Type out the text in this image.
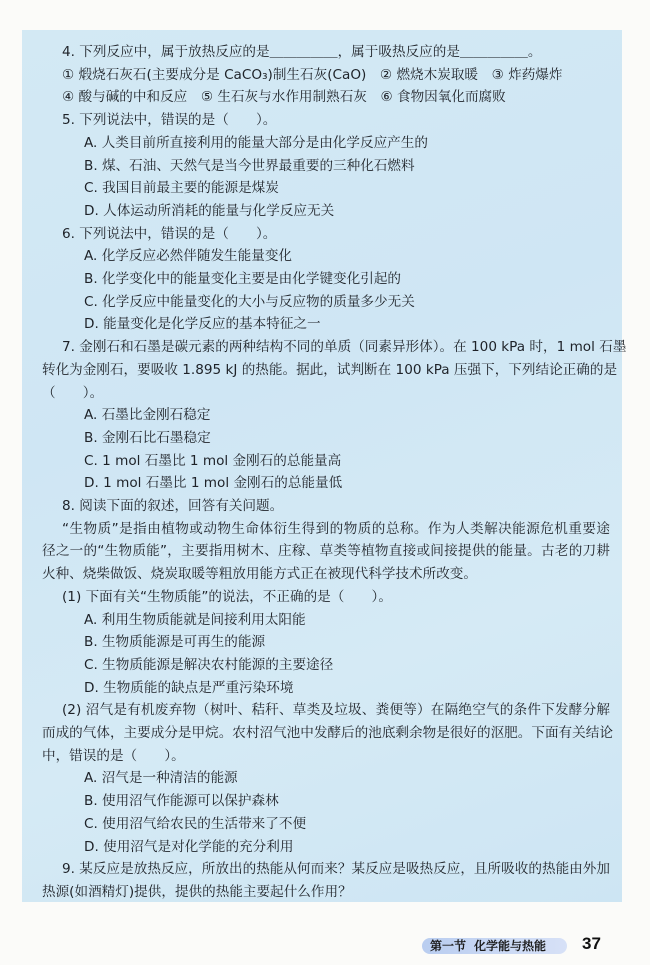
4. 下列反应中，属于放热反应的是＿＿＿＿＿，属于吸热反应的是＿＿＿＿＿。
① 煅烧石灰石(主要成分是 CaCO₃)制生石灰(CaO)　② 燃烧木炭取暖　③ 炸药爆炸
④ 酸与碱的中和反应　⑤ 生石灰与水作用制熟石灰　⑥ 食物因氧化而腐败
5. 下列说法中，错误的是（　　）。
A. 人类目前所直接利用的能量大部分是由化学反应产生的
B. 煤、石油、天然气是当今世界最重要的三种化石燃料
C. 我国目前最主要的能源是煤炭
D. 人体运动所消耗的能量与化学反应无关
6. 下列说法中，错误的是（　　）。
A. 化学反应必然伴随发生能量变化
B. 化学变化中的能量变化主要是由化学键变化引起的
C. 化学反应中能量变化的大小与反应物的质量多少无关
D. 能量变化是化学反应的基本特征之一
7. 金刚石和石墨是碳元素的两种结构不同的单质（同素异形体）。在 100 kPa 时，1 mol 石墨
转化为金刚石，要吸收 1.895 kJ 的热能。据此，试判断在 100 kPa 压强下，下列结论正确的是
（　　）。
A. 石墨比金刚石稳定
B. 金刚石比石墨稳定
C. 1 mol 石墨比 1 mol 金刚石的总能量高
D. 1 mol 石墨比 1 mol 金刚石的总能量低
8. 阅读下面的叙述，回答有关问题。
“生物质”是指由植物或动物生命体衍生得到的物质的总称。作为人类解决能源危机重要途
径之一的“生物质能”，主要指用树木、庄稼、草类等植物直接或间接提供的能量。古老的刀耕
火种、烧柴做饭、烧炭取暖等粗放用能方式正在被现代科学技术所改变。
(1) 下面有关“生物质能”的说法，不正确的是（　　）。
A. 利用生物质能就是间接利用太阳能
B. 生物质能源是可再生的能源
C. 生物质能源是解决农村能源的主要途径
D. 生物质能的缺点是严重污染环境
(2) 沼气是有机废弃物（树叶、秸秆、草类及垃圾、粪便等）在隔绝空气的条件下发酵分解
而成的气体，主要成分是甲烷。农村沼气池中发酵后的池底剩余物是很好的沤肥。下面有关结论
中，错误的是（　　）。
A. 沼气是一种清洁的能源
B. 使用沼气作能源可以保护森林
C. 使用沼气给农民的生活带来了不便
D. 使用沼气是对化学能的充分利用
9. 某反应是放热反应，所放出的热能从何而来？某反应是吸热反应，且所吸收的热能由外加
热源(如酒精灯)提供，提供的热能主要起什么作用？
第一节 化学能与热能 37
